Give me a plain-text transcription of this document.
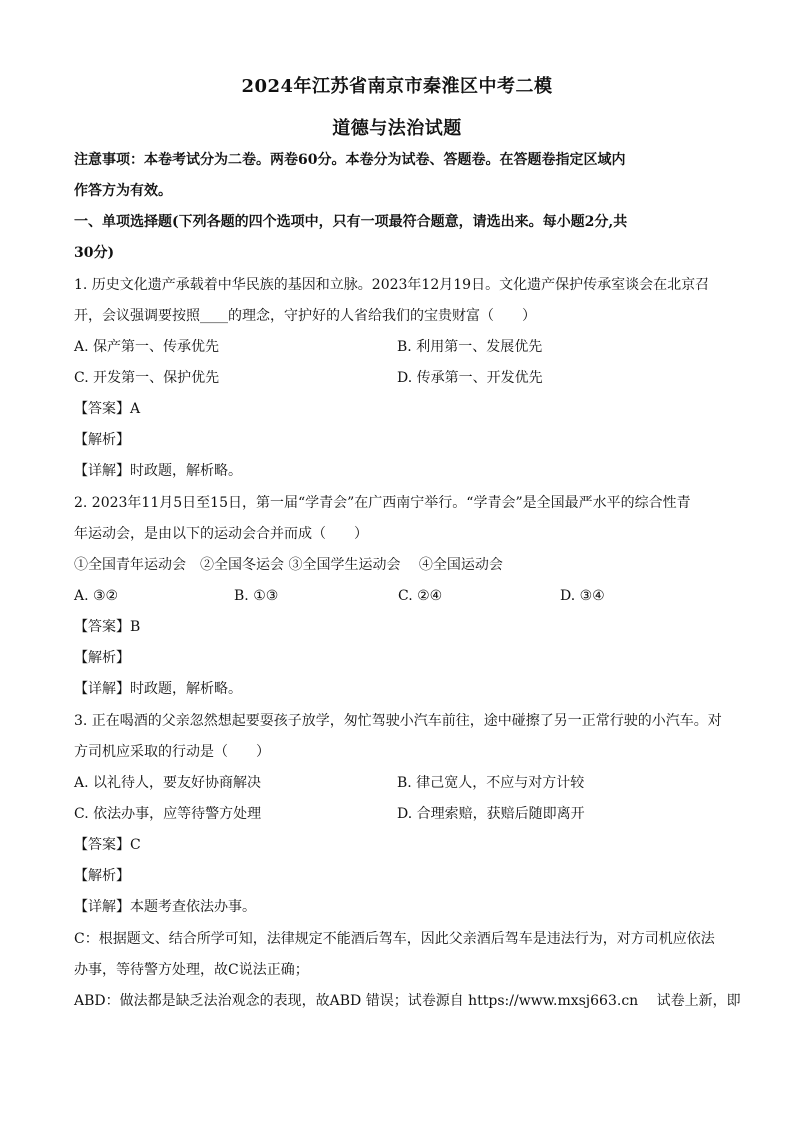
2024年江苏省南京市秦淮区中考二模
道德与法治试题
注意事项：本卷考试分为二卷。两卷60分。本卷分为试卷、答题卷。在答题卷指定区域内
作答方为有效。
一、单项选择题(下列各题的四个选项中，只有一项最符合题意，请选出来。每小题2分,共
30分)
1. 历史文化遗产承载着中华民族的基因和立脉。2023年12月19日。文化遗产保护传承室谈会在北京召
开，会议强调要按照____的理念，守护好的人省给我们的宝贵财富（　　）
A. 保产第一、传承优先	B. 利用第一、发展优先
C. 开发第一、保护优先	D. 传承第一、开发优先
【答案】A
【解析】
【详解】时政题，解析略。
2. 2023年11月5日至15日，第一届“学青会”在广西南宁举行。“学青会”是全国最严水平的综合性青
年运动会，是由以下的运动会合并而成（　　）
①全国青年运动会　②全国冬运会 ③全国学生运动会　 ④全国运动会
A. ③②	B. ①③	C. ②④	D. ③④
【答案】B
【解析】
【详解】时政题，解析略。
3. 正在喝酒的父亲忽然想起要耍孩子放学，匆忙驾驶小汽车前往，途中碰擦了另一正常行驶的小汽车。对
方司机应采取的行动是（　　）
A. 以礼待人，要友好协商解决	B. 律己宽人，不应与对方计较
C. 依法办事，应等待警方处理	D. 合理索赔，获赔后随即离开
【答案】C
【解析】
【详解】本题考查依法办事。
C：根据题文、结合所学可知，法律规定不能酒后驾车，因此父亲酒后驾车是违法行为，对方司机应依法
办事，等待警方处理，故C说法正确；
ABD：做法都是缺乏法治观念的表现，故ABD 错误；试卷源自 https://www.mxsj663.cn　 试卷上新，即
